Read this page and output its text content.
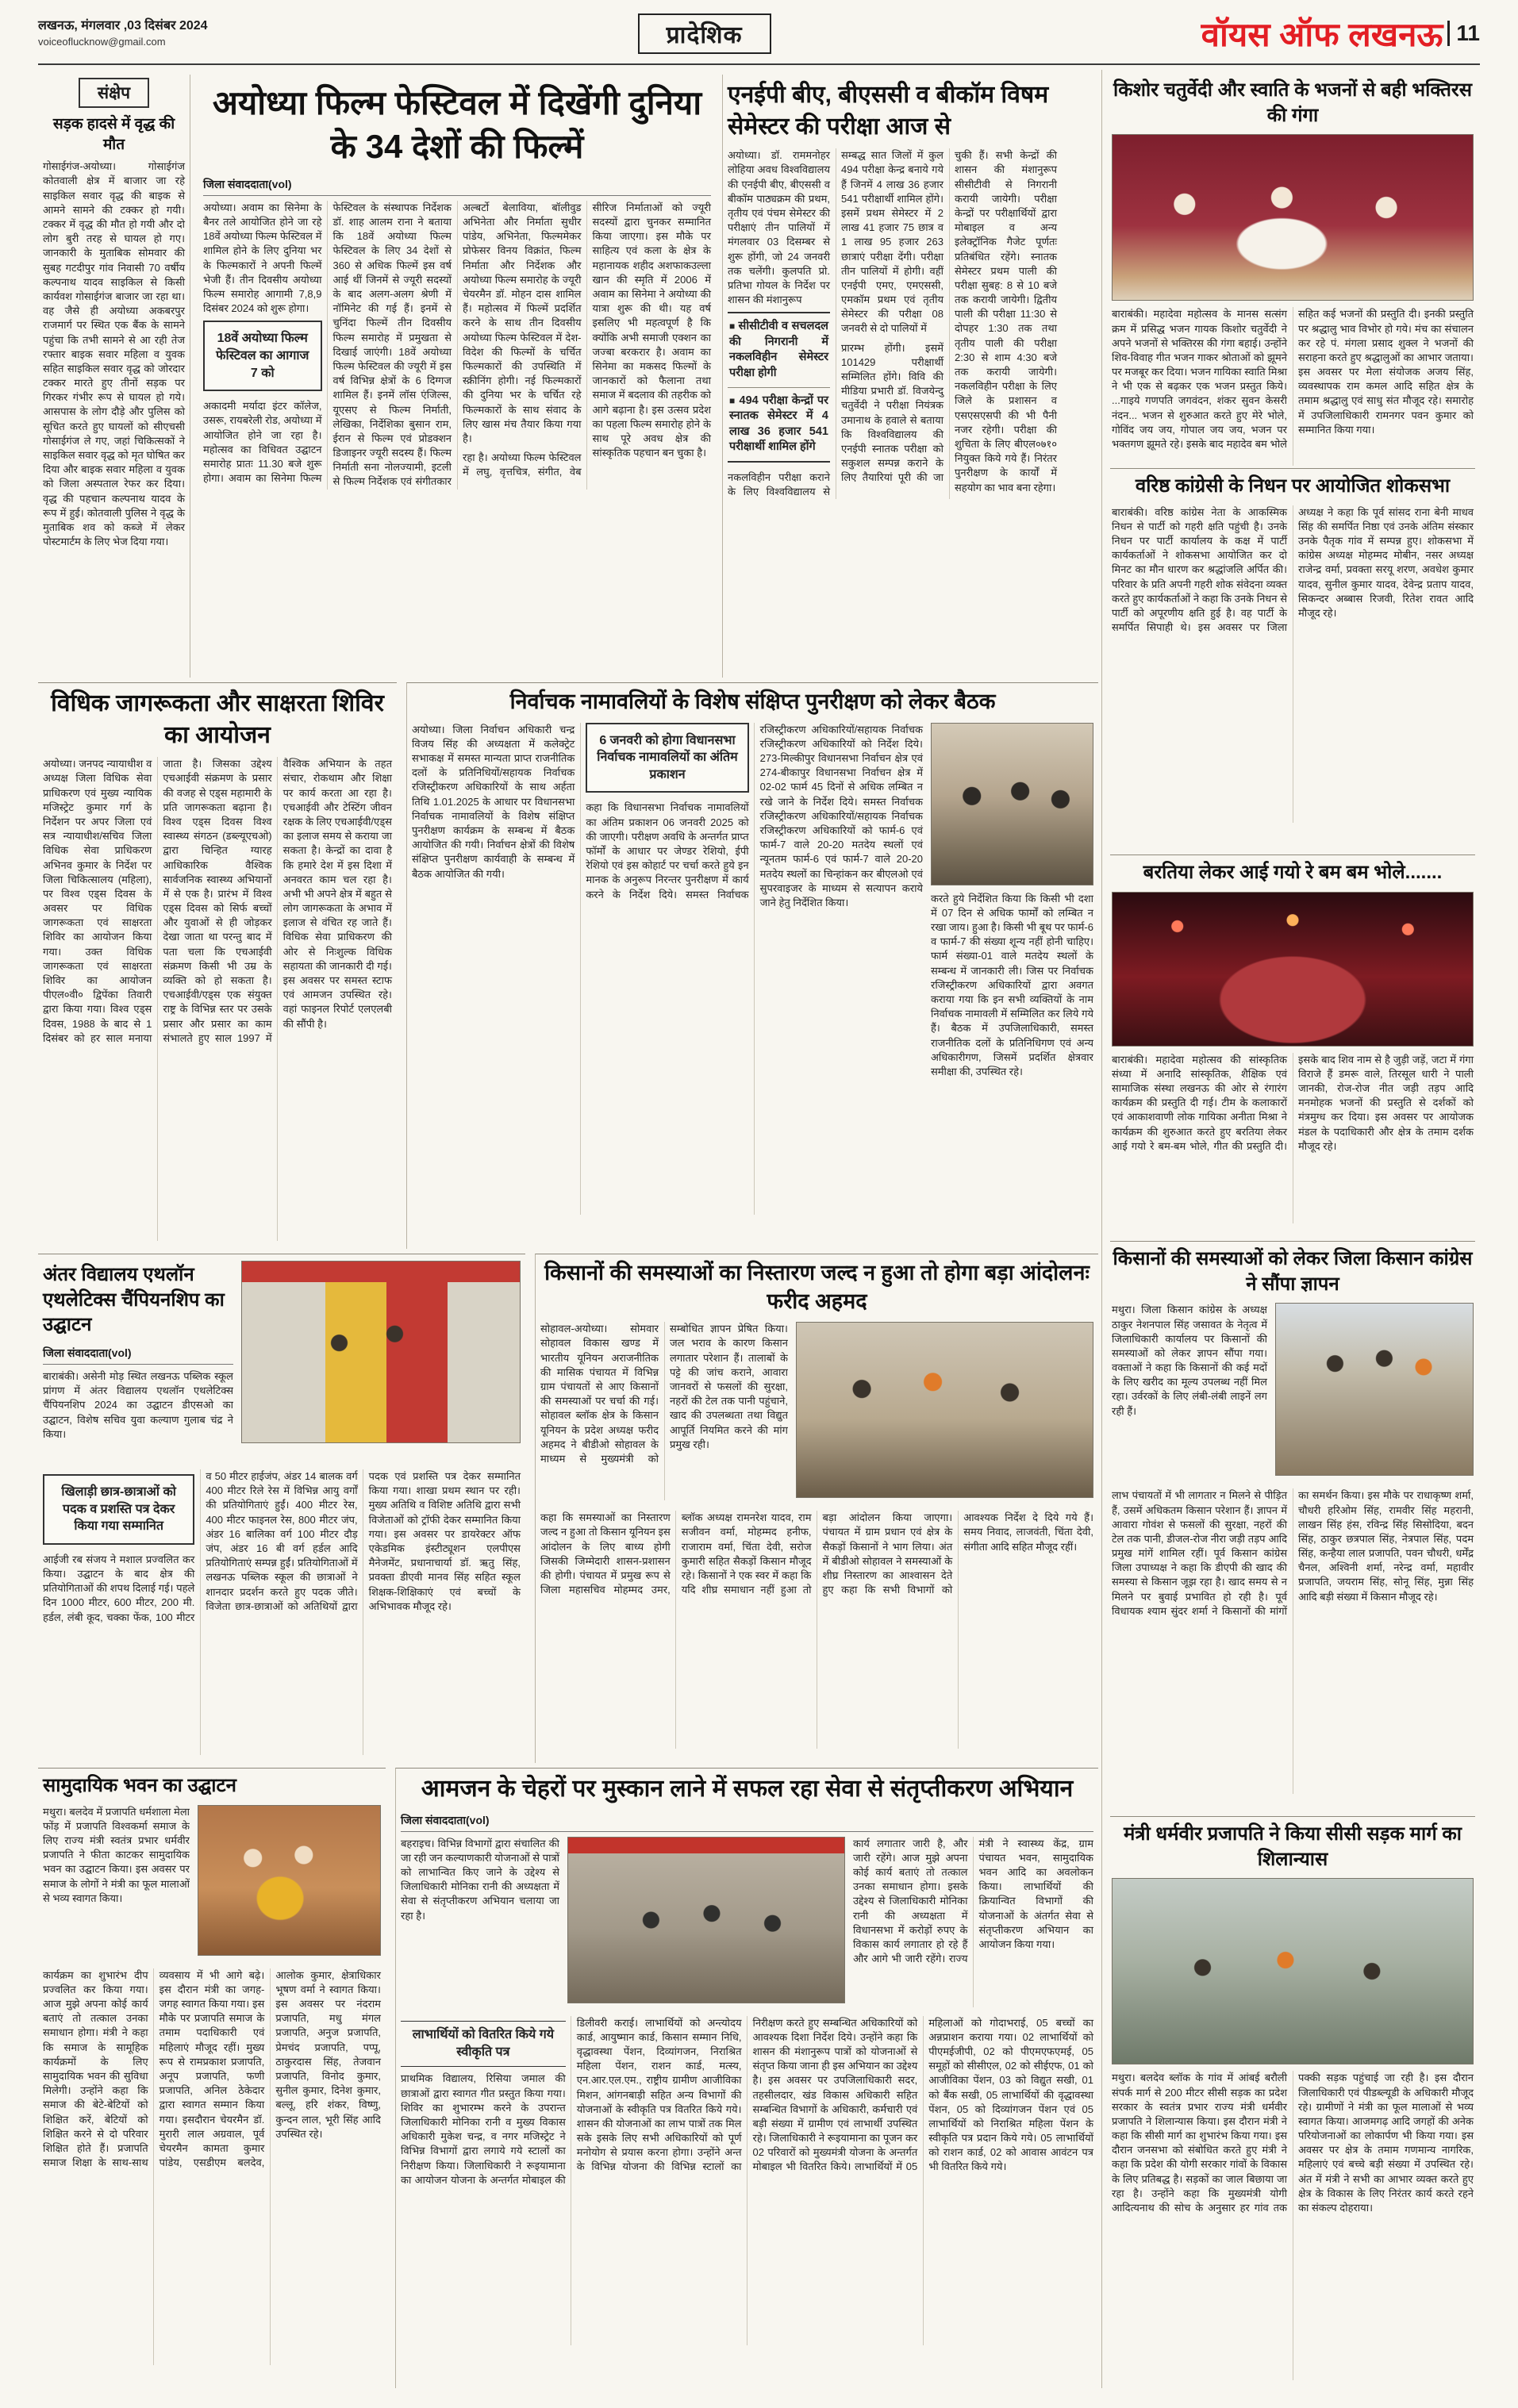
लखनऊ, मंगलवार ,03 दिसंबर 2024
voiceoflucknow@gmail.com	प्रादेशिक	वॉयस ऑफ लखनऊ 11
संक्षेप
सड़क हादसे में वृद्ध की मौत
गोसाईगंज-अयोध्या। गोसाईगंज कोतवाली क्षेत्र में बाजार जा रहे साइकिल सवार वृद्ध की बाइक से आमने सामने की टक्कर हो गयी। टक्कर में वृद्ध की मौत हो गयी और दो लोग बुरी तरह से घायल हो गए। जानकारी के मुताबिक सोमवार की सुबह गटदीपुर गांव निवासी 70 वर्षीय कल्पनाथ यादव साइकिल से किसी कार्यवश गोसाईगंज बाजार जा रहा था। वह जैसे ही अयोध्या अकबरपुर राजमार्ग पर स्थित एक बैंक के सामने पहुंचा कि तभी सामने से आ रही तेज रफ्तार बाइक सवार महिला व युवक सहित साइकिल सवार वृद्ध को जोरदार टक्कर मारते हुए तीनों सड़क पर गिरकर गंभीर रूप से घायल हो गये। आसपास के लोग दौड़े और पुलिस को सूचित करते हुए घायलों को सीएचसी गोसाईगंज ले गए, जहां चिकित्सकों ने साइकिल सवार वृद्ध को मृत घोषित कर दिया और बाइक सवार महिला व युवक को जिला अस्पताल रेफर कर दिया। वृद्ध की पहचान कल्पनाथ यादव के रूप में हुई। कोतवाली पुलिस ने वृद्ध के मुताबिक शव को कब्जे में लेकर पोस्टमार्टम के लिए भेज दिया गया।
अयोध्या फिल्म फेस्टिवल में दिखेंगी दुनिया के 34 देशों की फिल्में
जिला संवाददाता(vol)
अयोध्या। अवाम का सिनेमा के बैनर तले आयोजित होने जा रहे 18वें अयोध्या फिल्म फेस्टिवल में शामिल होने के लिए दुनिया भर के फिल्मकारों ने अपनी फिल्में भेजी हैं। तीन दिवसीय अयोध्या फिल्म समारोह आगामी 7,8,9 दिसंबर 2024 को शुरू होगा।
18वें अयोध्या फिल्म फेस्टिवल का आगाज 7 को
अकादमी मर्यादा इंटर कॉलेज, उसरू, रायबरेली रोड, अयोध्या में आयोजित होने जा रहा है। महोत्सव का विधिवत उद्घाटन समारोह प्रातः 11.30 बजे शुरू होगा। अवाम का सिनेमा फिल्म फेस्टिवल के संस्थापक निर्देशक डॉ. शाह आलम राना ने बताया कि 18वें अयोध्या फिल्म फेस्टिवल के लिए 34 देशों से 360 से अधिक फिल्में इस वर्ष आई थीं जिनमें से ज्यूरी सदस्यों के बाद अलग-अलग श्रेणी में नॉमिनेट की गई हैं। इनमें से चुनिंदा फिल्में तीन दिवसीय फिल्म समारोह में प्रमुखता से दिखाई जाएंगी। 18वें अयोध्या फिल्म फेस्टिवल की ज्यूरी में इस वर्ष विभिन्न क्षेत्रों के 6 दिग्गज शामिल हैं। इनमें लॉस एंजिल्स, यूएसए से फिल्म निर्माती, लेखिका, निर्देशिका बुसान राम, ईरान से फिल्म एवं प्रोडक्शन डिजाइनर ज्यूरी सदस्य हैं। फिल्म निर्माती सना नोलज्यामी, इटली से फिल्म निर्देशक एवं संगीतकार अल्बर्टो बेलाविया, बॉलीवुड अभिनेता और निर्माता सुधीर पांडेय, अभिनेता, फिल्ममेकर प्रोफेसर विनय विक्रांत, फिल्म निर्माता और निर्देशक और अयोध्या फिल्म समारोह के ज्यूरी चेयरमैन डॉ. मोहन दास शामिल हैं। महोत्सव में फिल्में प्रदर्शित करने के साथ तीन दिवसीय अयोध्या फिल्म फेस्टिवल में देश-विदेश की फिल्मों के चर्चित फिल्मकारों की उपस्थिति में स्क्रीनिंग होगी। नई फिल्मकारों की दुनिया भर के चर्चित रहे फिल्मकारों के साथ संवाद के लिए खास मंच तैयार किया गया है।
रहा है। अयोध्या फिल्म फेस्टिवल में लघु, वृत्तचित्र, संगीत, वेब सीरिज निर्माताओं को ज्यूरी सदस्यों द्वारा चुनकर सम्मानित किया जाएगा। इस मौके पर साहित्य एवं कला के क्षेत्र के महानायक शहीद अशफाकउल्ला खान की स्मृति में 2006 में अवाम का सिनेमा ने अयोध्या की यात्रा शुरू की थी। यह वर्ष इसलिए भी महत्वपूर्ण है कि क्योंकि अभी समाजी एक्शन का जज्बा बरकरार है। अवाम का सिनेमा का मकसद फिल्मों के जानकारों को फैलाना तथा समाज में बदलाव की तहरीक को आगे बढ़ाना है। इस उत्सव प्रदेश का पहला फिल्म समारोह होने के साथ पूरे अवध क्षेत्र की सांस्कृतिक पहचान बन चुका है।
एनईपी बीए, बीएससी व बीकॉम विषम सेमेस्टर की परीक्षा आज से
अयोध्या। डॉ. राममनोहर लोहिया अवध विश्वविद्यालय की एनईपी बीए, बीएससी व बीकॉम पाठ्यक्रम की प्रथम, तृतीय एवं पंचम सेमेस्टर की परीक्षाएं तीन पालियों में मंगलवार 03 दिसम्बर से शुरू होंगी, जो 24 जनवरी तक चलेंगी। कुलपति प्रो. प्रतिभा गोयल के निर्देश पर शासन की मंशानुरूप
■ सीसीटीवी व सचलदल की निगरानी में नकलविहीन सेमेस्टर परीक्षा होगी
■ 494 परीक्षा केन्द्रों पर स्नातक सेमेस्टर में 4 लाख 36 हजार 541 परीक्षार्थी शामिल होंगे
नकलविहीन परीक्षा कराने के लिए विश्वविद्यालय से सम्बद्ध सात जिलों में कुल 494 परीक्षा केन्द्र बनाये गये हैं जिनमें 4 लाख 36 हजार 541 परीक्षार्थी शामिल होंगे। इसमें प्रथम सेमेस्टर में 2 लाख 41 हजार 75 छात्र व 1 लाख 95 हजार 263 छात्राएं परीक्षा देंगी। परीक्षा तीन पालियों में होगी। वहीं एनईपी एमए, एमएससी, एमकॉम प्रथम एवं तृतीय सेमेस्टर की परीक्षा 08 जनवरी से दो पालियों में
प्रारम्भ होंगी। इसमें 101429 परीक्षार्थी सम्मिलित होंगे। विवि की मीडिया प्रभारी डॉ. विजयेन्दु चतुर्वेदी ने परीक्षा नियंत्रक उमानाथ के हवाले से बताया कि विश्वविद्यालय की एनईपी स्नातक परीक्षा को सकुशल सम्पन्न कराने के लिए तैयारियां पूरी की जा चुकी हैं। सभी केन्द्रों की शासन की मंशानुरूप सीसीटीवी से निगरानी करायी जायेगी। परीक्षा केन्द्रों पर परीक्षार्थियों द्वारा मोबाइल व अन्य इलेक्ट्रॉनिक गैजेट पूर्णतः प्रतिबंधित रहेंगे। स्नातक सेमेस्टर प्रथम पाली की परीक्षा सुबह: 8 से 10 बजे तक करायी जायेगी। द्वितीय पाली की परीक्षा 11:30 से दोपहर 1:30 तक तथा तृतीय पाली की परीक्षा 2:30 से शाम 4:30 बजे तक करायी जायेगी। नकलविहीन परीक्षा के लिए जिले के प्रशासन व एसएसएसपी की भी पैनी नजर रहेगी। परीक्षा की शुचिता के लिए बीएल०७१० नियुक्त किये गये हैं। निरंतर पुनरीक्षण के कार्यों में सहयोग का भाव बना रहेगा।
विधिक जागरूकता और साक्षरता शिविर का आयोजन
अयोध्या। जनपद न्यायाधीश व अध्यक्ष जिला विधिक सेवा प्राधिकरण एवं मुख्य न्यायिक मजिस्ट्रेट कुमार गर्ग के निर्देशन पर अपर जिला एवं सत्र न्यायाधीश/सचिव जिला विधिक सेवा प्राधिकरण अभिनव कुमार के निर्देश पर जिला चिकित्सालय (महिला), पर विश्व एड्स दिवस के अवसर पर विधिक जागरूकता एवं साक्षरता शिविर का आयोजन किया गया। उक्त विधिक जागरूकता एवं साक्षरता शिविर का आयोजन पीएल०वी० द्विपेंका तिवारी द्वारा किया गया। विश्व एड्स दिवस, 1988 के बाद से 1 दिसंबर को हर साल मनाया जाता है। जिसका उद्देश्य एचआईवी संक्रमण के प्रसार की वजह से एड्स महामारी के प्रति जागरूकता बढ़ाना है। विश्व एड्स दिवस विश्व स्वास्थ्य संगठन (डब्ल्यूएचओ) द्वारा चिन्हित ग्यारह आधिकारिक वैश्विक सार्वजनिक स्वास्थ्य अभियानों में से एक है। प्रारंभ में विश्व एड्स दिवस को सिर्फ बच्चों और युवाओं से ही जोड़कर देखा जाता था परन्तु बाद में पता चला कि एचआईवी संक्रमण किसी भी उम्र के व्यक्ति को हो सकता है। एचआईवी/एड्स एक संयुक्त राष्ट्र के विभिन्न स्तर पर उसके प्रसार और प्रसार का काम संभालते हुए साल 1997 में वैश्विक अभियान के तहत संचार, रोकथाम और शिक्षा पर कार्य करता आ रहा है। एचआईवी और टेस्टिंग जीवन रक्षक के लिए एचआईवी/एड्स का इलाज समय से कराया जा सकता है। केन्द्रों का दावा है कि हमारे देश में इस दिशा में अनवरत काम चल रहा है। अभी भी अपने क्षेत्र में बहुत से लोग जागरूकता के अभाव में इलाज से वंचित रह जाते हैं। विधिक सेवा प्राधिकरण की ओर से निःशुल्क विधिक सहायता की जानकारी दी गई। इस अवसर पर समस्त स्टाफ एवं आमजन उपस्थित रहे। वहां फाइनल रिपोर्ट एलएलबी की सौंपी है।
निर्वाचक नामावलियों के विशेष संक्षिप्त पुनरीक्षण को लेकर बैठक
अयोध्या। जिला निर्वाचन अधिकारी चन्द्र विजय सिंह की अध्यक्षता में कलेक्ट्रेट सभाकक्ष में समस्त मान्यता प्राप्त राजनीतिक दलों के प्रतिनिधियों/सहायक निर्वाचक रजिस्ट्रीकरण अधिकारियों के साथ अर्हता तिथि 1.01.2025 के आधार पर विधानसभा निर्वाचक नामावलियों के विशेष संक्षिप्त पुनरीक्षण कार्यक्रम के सम्बन्ध में बैठक आयोजित की गयी। निर्वाचन क्षेत्रों की विशेष संक्षिप्त पुनरीक्षण कार्यवाही के सम्बन्ध में बैठक आयोजित की गयी।
6 जनवरी को होगा विधानसभा निर्वाचक नामावलियों का अंतिम प्रकाशन
कहा कि विधानसभा निर्वाचक नामावलियों का अंतिम प्रकाशन 06 जनवरी 2025 को की जाएगी। परीक्षण अवधि के अन्तर्गत प्राप्त फॉर्मों के आधार पर जेण्डर रेशियो, ईपी रेशियो एवं इस कोहार्ट पर चर्चा करते हुये इन मानक के अनुरूप निरन्तर पुनरीक्षण में कार्य करने के निर्देश दिये। समस्त निर्वाचक रजिस्ट्रीकरण अधिकारियों/सहायक निर्वाचक रजिस्ट्रीकरण अधिकारियों को निर्देश दिये। 273-मिल्कीपुर विधानसभा निर्वाचन क्षेत्र एवं 274-बीकापुर विधानसभा निर्वाचन क्षेत्र में 02-02 फार्म 45 दिनों से अधिक लम्बित न रखे जाने के निर्देश दिये। समस्त निर्वाचक रजिस्ट्रीकरण अधिकारियों/सहायक निर्वाचक रजिस्ट्रीकरण अधिकारियों को फार्म-6 एवं फार्म-7 वाले 20-20 मतदेय स्थलों एवं न्यूनतम फार्म-6 एवं फार्म-7 वाले 20-20 मतदेय स्थलों का चिन्हांकन कर बीएलओ एवं सुपरवाइजर के माध्यम से सत्यापन कराये जाने हेतु निर्देशित किया।	करते हुये निर्देशित किया कि किसी भी दशा में 07 दिन से अधिक फार्मों को लम्बित न रखा जाय। हुआ है। किसी भी बूथ पर फार्म-6 व फार्म-7 की संख्या शून्य नहीं होनी चाहिए। फार्म संख्या-01 वाले मतदेय स्थलों के सम्बन्ध में जानकारी ली। जिस पर निर्वाचक रजिस्ट्रीकरण अधिकारियों द्वारा अवगत कराया गया कि इन सभी व्यक्तियों के नाम निर्वाचक नामावली में सम्मिलित कर लिये गये हैं। बैठक में उपजिलाधिकारी, समस्त राजनीतिक दलों के प्रतिनिधिगण एवं अन्य अधिकारीगण, जिसमें प्रदर्शित क्षेत्रवार समीक्षा की, उपस्थित रहे।
अंतर विद्यालय एथलॉन एथलेटिक्स चैंपियनशिप का उद्घाटन
जिला संवाददाता(vol)
बाराबंकी। असेनी मोड़ स्थित लखनऊ पब्लिक स्कूल प्रांगण में अंतर विद्यालय एथलॉन एथलेटिक्स चैंपियनशिप 2024 का उद्घाटन डीएसओ का उद्घाटन, विशेष सचिव युवा कल्याण गुलाब चंद्र ने किया।
खिलाड़ी छात्र-छात्राओं को पदक व प्रशस्ति पत्र देकर किया गया सम्मानित
आईजी रब संजय ने मशाल प्रज्वलित कर किया। उद्घाटन के बाद क्षेत्र की प्रतियोगिताओं की शपथ दिलाई गई। पहले दिन 1000 मीटर, 600 मीटर, 200 मी. हर्डल, लंबी कूद, चक्का फेंक, 100 मीटर व 50 मीटर हाईजंप, अंडर 14 बालक वर्ग 400 मीटर रिले रेस में विभिन्न आयु वर्गों की प्रतियोगिताएं हुईं। 400 मीटर रेस, 400 मीटर फाइनल रेस, 800 मीटर जंप, अंडर 16 बालिका वर्ग 100 मीटर दौड़ जंप, अंडर 16 बी वर्ग हर्डल आदि प्रतियोगिताएं सम्पन्न हुईं। प्रतियोगिताओं में लखनऊ पब्लिक स्कूल की छात्राओं ने शानदार प्रदर्शन करते हुए पदक जीते। विजेता छात्र-छात्राओं को अतिथियों द्वारा पदक एवं प्रशस्ति पत्र देकर सम्मानित किया गया। शाखा प्रथम स्थान पर रही। मुख्य अतिथि व विशिष्ट अतिथि द्वारा सभी विजेताओं को ट्रॉफी देकर सम्मानित किया गया। इस अवसर पर डायरेक्टर ऑफ एकेडमिक इंस्टीट्यूशन एलपीएस मैनेजमेंट, प्रधानाचार्या डॉ. ऋतु सिंह, प्रवक्ता डीएवी मानव सिंह सहित स्कूल शिक्षक-शिक्षिकाएं एवं बच्चों के अभिभावक मौजूद रहे।
किसानों की समस्याओं का निस्तारण जल्द न हुआ तो होगा बड़ा आंदोलनः फरीद अहमद
सोहावल-अयोध्या। सोमवार सोहावल विकास खण्ड में भारतीय यूनियन अराजनीतिक की मासिक पंचायत में विभिन्न ग्राम पंचायतों से आए किसानों की समस्याओं पर चर्चा की गई। सोहावल ब्लॉक क्षेत्र के किसान यूनियन के प्रदेश अध्यक्ष फरीद अहमद ने बीडीओ सोहावल के माध्यम से मुख्यमंत्री को सम्बोधित ज्ञापन प्रेषित किया। जल भराव के कारण किसान लगातार परेशान हैं। तालाबों के पट्टे की जांच कराने, आवारा जानवरों से फसलों की सुरक्षा, नहरों की टेल तक पानी पहुंचाने, खाद की उपलब्धता तथा विद्युत आपूर्ति नियमित करने की मांग प्रमुख रही।
कहा कि समस्याओं का निस्तारण जल्द न हुआ तो किसान यूनियन इस आंदोलन के लिए बाध्य होगी जिसकी जिम्मेदारी शासन-प्रशासन की होगी। पंचायत में प्रमुख रूप से जिला महासचिव मोहम्मद उमर, ब्लॉक अध्यक्ष रामनरेश यादव, राम सजीवन वर्मा, मोहम्मद हनीफ, राजाराम वर्मा, चिंता देवी, सरोज कुमारी सहित सैकड़ों किसान मौजूद रहे। किसानों ने एक स्वर में कहा कि यदि शीघ्र समाधान नहीं हुआ तो बड़ा आंदोलन किया जाएगा। पंचायत में ग्राम प्रधान एवं क्षेत्र के सैकड़ों किसानों ने भाग लिया। अंत में बीडीओ सोहावल ने समस्याओं के शीघ्र निस्तारण का आश्वासन देते हुए कहा कि सभी विभागों को आवश्यक निर्देश दे दिये गये हैं। समय निवाद, लाजवंती, चिंता देवी, संगीता आदि सहित मौजूद रहीं।
सामुदायिक भवन का उद्घाटन
मथुरा। बलदेव में प्रजापति धर्मशाला मेला फोंड़ में प्रजापति विश्वकर्मा समाज के लिए राज्य मंत्री स्वतंत्र प्रभार धर्मवीर प्रजापति ने फीता काटकर सामुदायिक भवन का उद्घाटन किया। इस अवसर पर समाज के लोगों ने मंत्री का फूल मालाओं से भव्य स्वागत किया।
कार्यक्रम का शुभारंभ दीप प्रज्वलित कर किया गया। आज मुझे अपना कोई कार्य बताएं तो तत्काल उनका समाधान होगा। मंत्री ने कहा कि समाज के सामूहिक कार्यक्रमों के लिए सामुदायिक भवन की सुविधा मिलेगी। उन्होंने कहा कि समाज की बेटे-बेटियों को शिक्षित करें, बेटियों को शिक्षित करने से दो परिवार शिक्षित होते हैं। प्रजापति समाज शिक्षा के साथ-साथ व्यवसाय में भी आगे बढ़े। इस दौरान मंत्री का जगह-जगह स्वागत किया गया। इस मौके पर प्रजापति समाज के तमाम पदाधिकारी एवं महिलाएं मौजूद रहीं। मुख्य रूप से रामप्रकाश प्रजापति, अनूप प्रजापति, फणी प्रजापति, अनिल ठेकेदार द्वारा स्वागत सम्मान किया गया। इसदौरान चेयरमैन डॉ. मुरारी लाल अग्रवाल, पूर्व चेयरमैन कामता कुमार पांडेय, एसडीएम बलदेव, आलोक कुमार, क्षेत्राधिकार भूषण वर्मा ने स्वागत किया। इस अवसर पर नंदराम प्रजापति, मधु मंगल प्रजापति, अनुज प्रजापति, प्रेमचंद प्रजापति, पप्पू, ठाकुरदास सिंह, तेजवान प्रजापति, विनोद कुमार, सुनील कुमार, दिनेश कुमार, बल्लू, हरि शंकर, विष्णु, कुन्दन लाल, भूरी सिंह आदि उपस्थित रहे।
आमजन के चेहरों पर मुस्कान लाने में सफल रहा सेवा से संतृप्तीकरण अभियान
जिला संवाददाता(vol)
बहराइच। विभिन्न विभागों द्वारा संचालित की जा रही जन कल्याणकारी योजनाओं से पात्रों को लाभान्वित किए जाने के उद्देश्य से जिलाधिकारी मोनिका रानी की अध्यक्षता में सेवा से संतृप्तीकरण अभियान चलाया जा रहा है।
कार्य लगातार जारी है, और जारी रहेंगे। आज मुझे अपना कोई कार्य बताएं तो तत्काल उनका समाधान होगा। इसके उद्देश्य से जिलाधिकारी मोनिका रानी की अध्यक्षता में विधानसभा में करोड़ों रुपए के विकास कार्य लगातार हो रहे हैं और आगे भी जारी रहेंगे। राज्य मंत्री ने स्वास्थ्य केंद्र, ग्राम पंचायत भवन, सामुदायिक भवन आदि का अवलोकन किया। लाभार्थियों की क्रियान्वित विभागों की योजनाओं के अंतर्गत सेवा से संतृप्तीकरण अभियान का आयोजन किया गया।
लाभार्थियों को वितरित किये गये स्वीकृति पत्र
प्राथमिक विद्यालय, रिसिया जमाल की छात्राओं द्वारा स्वागत गीत प्रस्तुत किया गया। शिविर का शुभारम्भ करने के उपरान्त जिलाधिकारी मोनिका रानी व मुख्य विकास अधिकारी मुकेश चन्द्र, व नगर मजिस्ट्रेट ने विभिन्न विभागों द्वारा लगाये गये स्टालों का निरीक्षण किया। जिलाधिकारी ने रूइयामाना का आयोजन योजना के अन्तर्गत मोबाइल की डिलीवरी कराई। लाभार्थियों को अन्त्योदय कार्ड, आयुष्मान कार्ड, किसान सम्मान निधि, वृद्धावस्था पेंशन, दिव्यांगजन, निराश्रित महिला पेंशन, राशन कार्ड, मत्स्य, एन.आर.एल.एम., राष्ट्रीय ग्रामीण आजीविका मिशन, आंगनबाड़ी सहित अन्य विभागों की योजनाओं के स्वीकृति पत्र वितरित किये गये। शासन की योजनाओं का लाभ पात्रों तक मिल सके इसके लिए सभी अधिकारियों को पूर्ण मनोयोग से प्रयास करना होगा। उन्होंने अन्त के विभिन्न योजना की विभिन्न स्टालों का निरीक्षण करते हुए सम्बन्धित अधिकारियों को आवश्यक दिशा निर्देश दिये। उन्होंने कहा कि शासन की मंशानुरूप पात्रों को योजनाओं से संतृप्त किया जाना ही इस अभियान का उद्देश्य है। इस अवसर पर उपजिलाधिकारी सदर, तहसीलदार, खंड विकास अधिकारी सहित सम्बन्धित विभागों के अधिकारी, कर्मचारी एवं बड़ी संख्या में ग्रामीण एवं लाभार्थी उपस्थित रहे। जिलाधिकारी ने रूइयामाना का पूजन कर 02 परिवारों को मुख्यमंत्री योजना के अन्तर्गत मोबाइल भी वितरित किये। लाभार्थियों में 05 महिलाओं को गोदाभराई, 05 बच्चों का अन्नप्राशन कराया गया। 02 लाभार्थियों को पीएमईजीपी, 02 को पीएमएफएमई, 05 समूहों को सीसीएल, 02 को सीईएफ, 01 को आजीविका पेंशन, 03 को विद्युत सखी, 01 को बैंक सखी, 05 लाभार्थियों की वृद्धावस्था पेंशन, 05 को दिव्यांगजन पेंशन एवं 05 लाभार्थियों को निराश्रित महिला पेंशन के स्वीकृति पत्र प्रदान किये गये। 05 लाभार्थियों को राशन कार्ड, 02 को आवास आवंटन पत्र भी वितरित किये गये।
किशोर चतुर्वेदी और स्वाति के भजनों से बही भक्तिरस की गंगा
बाराबंकी। महादेवा महोत्सव के मानस सत्संग क्रम में प्रसिद्ध भजन गायक किशोर चतुर्वेदी ने अपने भजनों से भक्तिरस की गंगा बहाई। उन्होंने शिव-विवाह गीत भजन गाकर श्रोताओं को झूमने पर मजबूर कर दिया। भजन गायिका स्वाति मिश्रा ने भी एक से बढ़कर एक भजन प्रस्तुत किये। ...गाइये गणपति जगवंदन, शंकर सुवन केसरी नंदन... भजन से शुरुआत करते हुए मेरे भोले, गोविंद जय जय, गोपाल जय जय, भजन पर भक्तगण झूमते रहे। इसके बाद महादेव बम भोले सहित कई भजनों की प्रस्तुति दी। इनकी प्रस्तुति पर श्रद्धालु भाव विभोर हो गये। मंच का संचालन कर रहे पं. मंगला प्रसाद शुक्ल ने भजनों की सराहना करते हुए श्रद्धालुओं का आभार जताया। इस अवसर पर मेला संयोजक अजय सिंह, व्यवस्थापक राम कमल आदि सहित क्षेत्र के तमाम श्रद्धालु एवं साधु संत मौजूद रहे। समारोह में उपजिलाधिकारी रामनगर पवन कुमार को सम्मानित किया गया।
वरिष्ठ कांग्रेसी के निधन पर आयोजित शोकसभा
बाराबंकी। वरिष्ठ कांग्रेस नेता के आकस्मिक निधन से पार्टी को गहरी क्षति पहुंची है। उनके निधन पर पार्टी कार्यालय के कक्ष में पार्टी कार्यकर्ताओं ने शोकसभा आयोजित कर दो मिनट का मौन धारण कर श्रद्धांजलि अर्पित की। परिवार के प्रति अपनी गहरी शोक संवेदना व्यक्त करते हुए कार्यकर्ताओं ने कहा कि उनके निधन से पार्टी को अपूरणीय क्षति हुई है। वह पार्टी के समर्पित सिपाही थे। इस अवसर पर जिला अध्यक्ष ने कहा कि पूर्व सांसद राना बेनी माधव सिंह की समर्पित निष्ठा एवं उनके अंतिम संस्कार उनके पैतृक गांव में सम्पन्न हुए। शोकसभा में कांग्रेस अध्यक्ष मोहम्मद मोबीन, नसर अध्यक्ष राजेन्द्र वर्मा, प्रवक्ता सरयू शरण, अवधेश कुमार यादव, सुनील कुमार यादव, देवेन्द्र प्रताप यादव, सिकन्दर अब्बास रिजवी, रितेश रावत आदि मौजूद रहे।
बरतिया लेकर आई गयो रे बम बम भोले.......
बाराबंकी। महादेवा महोत्सव की सांस्कृतिक संध्या में अनादि सांस्कृतिक, शैक्षिक एवं सामाजिक संस्था लखनऊ की ओर से रंगारंग कार्यक्रम की प्रस्तुति दी गई। टीम के कलाकारों एवं आकाशवाणी लोक गायिका अनीता मिश्रा ने कार्यक्रम की शुरुआत करते हुए बरतिया लेकर आई गयो रे बम-बम भोले, गीत की प्रस्तुति दी। इसके बाद शिव नाम से है जुड़ी जड़ें, जटा में गंगा विराजे हैं डमरू वाले, तिरसूल धारी ने पाली जानकी, रोज-रोज नीत जड़ी तड़प आदि मनमोहक भजनों की प्रस्तुति से दर्शकों को मंत्रमुग्ध कर दिया। इस अवसर पर आयोजक मंडल के पदाधिकारी और क्षेत्र के तमाम दर्शक मौजूद रहे।
किसानों की समस्याओं को लेकर जिला किसान कांग्रेस ने सौंपा ज्ञापन
मथुरा। जिला किसान कांग्रेस के अध्यक्ष ठाकुर नेशनपाल सिंह जसावत के नेतृत्व में जिलाधिकारी कार्यालय पर किसानों की समस्याओं को लेकर ज्ञापन सौंपा गया। वक्ताओं ने कहा कि किसानों की कई मदों के लिए खरीद का मूल्य उपलब्ध नहीं मिल रहा। उर्वरकों के लिए लंबी-लंबी लाइनें लग रही हैं।
लाभ पंचायतों में भी लागतार न मिलने से पीड़ित हैं, उसमें अधिकतम किसान परेशान हैं। ज्ञापन में आवारा गोवंश से फसलों की सुरक्षा, नहरों की टेल तक पानी, डीजल-रोज नीरा जड़ी तड़प आदि प्रमुख मांगें शामिल रहीं। पूर्व किसान कांग्रेस जिला उपाध्यक्ष ने कहा कि डीएपी की खाद की समस्या से किसान जूझ रहा है। खाद समय से न मिलने पर बुवाई प्रभावित हो रही है। पूर्व विधायक श्याम सुंदर शर्मा ने किसानों की मांगों का समर्थन किया। इस मौके पर राधाकृष्ण शर्मा, चौधरी हरिओम सिंह, रामवीर सिंह महरानी, लाखन सिंह हंस, रविन्द्र सिंह सिसोदिया, बदन सिंह, ठाकुर छत्रपाल सिंह, नेत्रपाल सिंह, पदम सिंह, कन्हैया लाल प्रजापति, पवन चौधरी, धर्मेंद्र चैनल, अश्विनी शर्मा, नरेन्द्र वर्मा, महावीर प्रजापति, जयराम सिंह, सोनू सिंह, मुन्ना सिंह आदि बड़ी संख्या में किसान मौजूद रहे।
मंत्री धर्मवीर प्रजापति ने किया सीसी सड़क मार्ग का शिलान्यास
मथुरा। बलदेव ब्लॉक के गांव में आंबई बरौली संपर्क मार्ग से 200 मीटर सीसी सड़क का प्रदेश सरकार के स्वतंत्र प्रभार राज्य मंत्री धर्मवीर प्रजापति ने शिलान्यास किया। इस दौरान मंत्री ने कहा कि सीसी मार्ग का शुभारंभ किया गया। इस दौरान जनसभा को संबोधित करते हुए मंत्री ने कहा कि प्रदेश की योगी सरकार गांवों के विकास के लिए प्रतिबद्ध है। सड़कों का जाल बिछाया जा रहा है। उन्होंने कहा कि मुख्यमंत्री योगी आदित्यनाथ की सोच के अनुसार हर गांव तक पक्की सड़क पहुंचाई जा रही है। इस दौरान जिलाधिकारी एवं पीडब्ल्यूडी के अधिकारी मौजूद रहे। ग्रामीणों ने मंत्री का फूल मालाओं से भव्य स्वागत किया। आजमगढ़ आदि जगहों की अनेक परियोजनाओं का लोकार्पण भी किया गया। इस अवसर पर क्षेत्र के तमाम गणमान्य नागरिक, महिलाएं एवं बच्चे बड़ी संख्या में उपस्थित रहे। अंत में मंत्री ने सभी का आभार व्यक्त करते हुए क्षेत्र के विकास के लिए निरंतर कार्य करते रहने का संकल्प दोहराया।
